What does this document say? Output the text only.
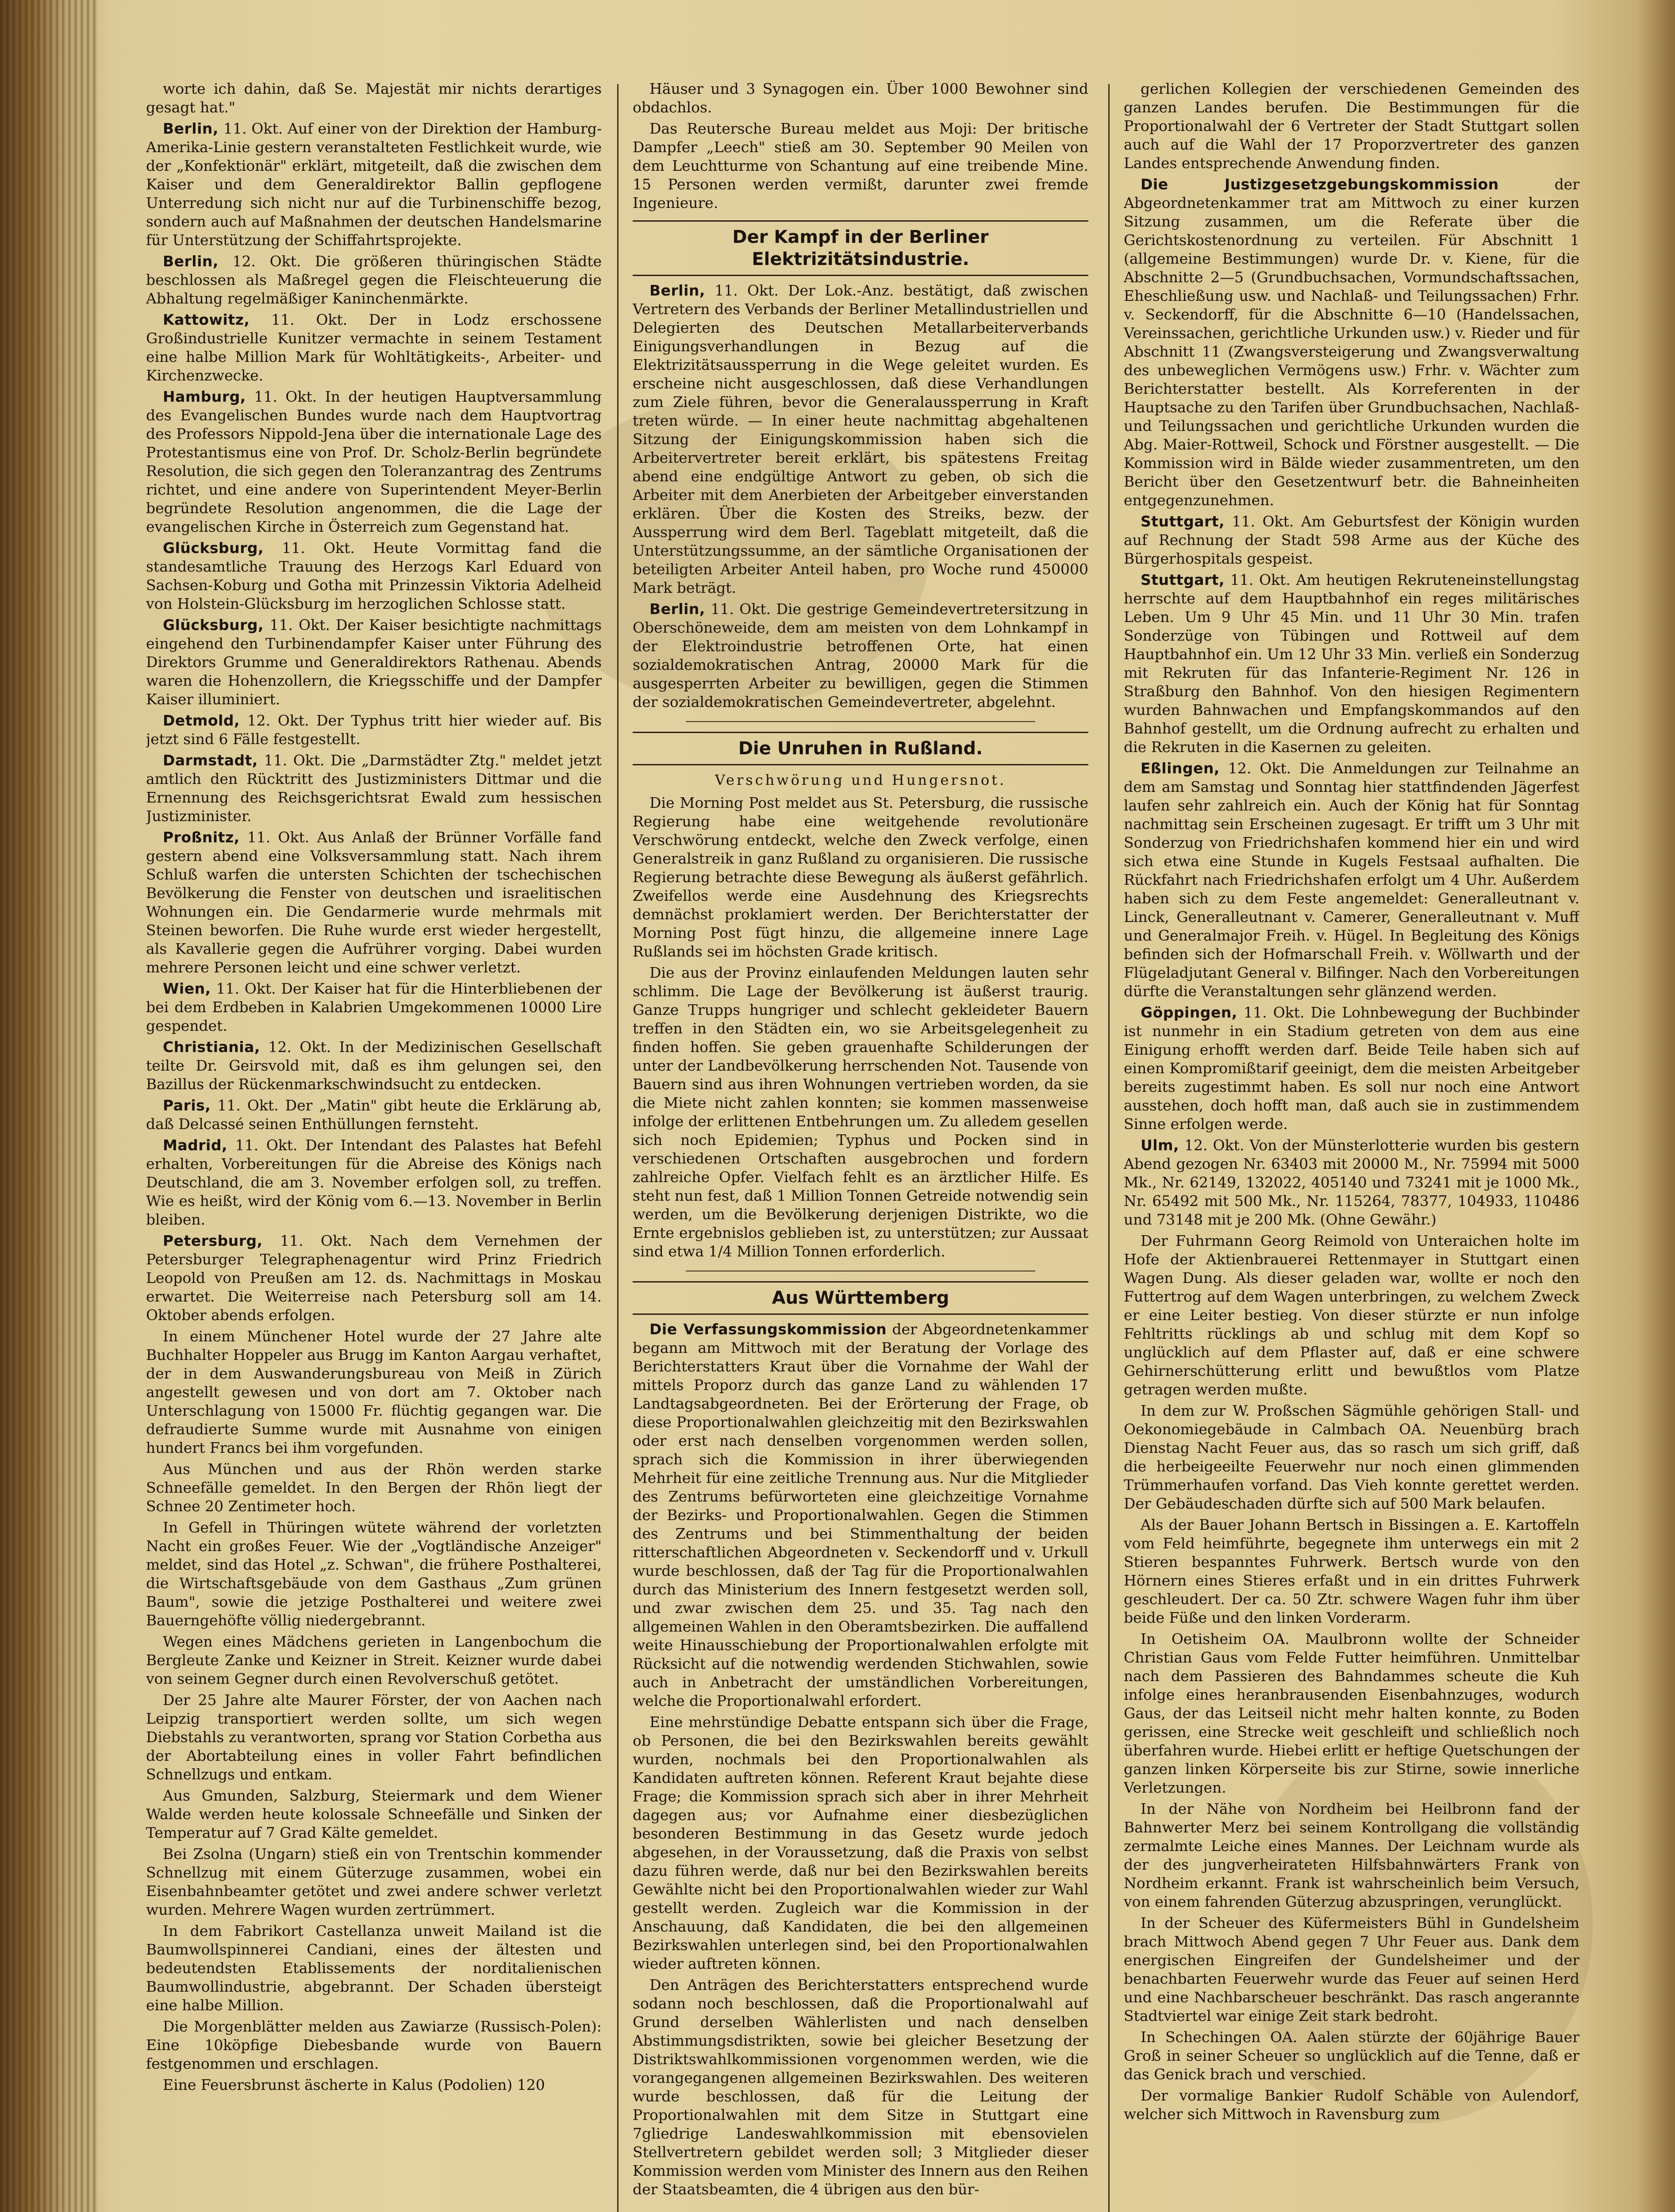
worte ich dahin, daß Se. Majestät mir nichts derartiges gesagt hat."

Berlin, 11. Okt. Auf einer von der Direktion der Hamburg-Amerika-Linie gestern veranstalteten Festlichkeit wurde, wie der „Konfektionär" erklärt, mitgeteilt, daß die zwischen dem Kaiser und dem Generaldirektor Ballin gepflogene Unterredung sich nicht nur auf die Turbinenschiffe bezog, sondern auch auf Maßnahmen der deutschen Handelsmarine für Unterstützung der Schiffahrtsprojekte.

Berlin, 12. Okt. Die größeren thüringischen Städte beschlossen als Maßregel gegen die Fleischteuerung die Abhaltung regelmäßiger Kaninchenmärkte.

Kattowitz, 11. Okt. Der in Lodz erschossene Großindustrielle Kunitzer vermachte in seinem Testament eine halbe Million Mark für Wohltätigkeits-, Arbeiter- und Kirchenzwecke.

Hamburg, 11. Okt. In der heutigen Hauptversammlung des Evangelischen Bundes wurde nach dem Hauptvortrag des Professors Nippold-Jena über die internationale Lage des Protestantismus eine von Prof. Dr. Scholz-Berlin begründete Resolution, die sich gegen den Toleranzantrag des Zentrums richtet, und eine andere von Superintendent Meyer-Berlin begründete Resolution angenommen, die die Lage der evangelischen Kirche in Österreich zum Gegenstand hat.

Glücksburg, 11. Okt. Heute Vormittag fand die standesamtliche Trauung des Herzogs Karl Eduard von Sachsen-Koburg und Gotha mit Prinzessin Viktoria Adelheid von Holstein-Glücksburg im herzoglichen Schlosse statt.

Glücksburg, 11. Okt. Der Kaiser besichtigte nachmittags eingehend den Turbinendampfer Kaiser unter Führung des Direktors Grumme und Generaldirektors Rathenau. Abends waren die Hohenzollern, die Kriegsschiffe und der Dampfer Kaiser illuminiert.

Detmold, 12. Okt. Der Typhus tritt hier wieder auf. Bis jetzt sind 6 Fälle festgestellt.

Darmstadt, 11. Okt. Die „Darmstädter Ztg." meldet jetzt amtlich den Rücktritt des Justizministers Dittmar und die Ernennung des Reichsgerichtsrat Ewald zum hessischen Justizminister.

Proßnitz, 11. Okt. Aus Anlaß der Brünner Vorfälle fand gestern abend eine Volksversammlung statt. Nach ihrem Schluß warfen die untersten Schichten der tschechischen Bevölkerung die Fenster von deutschen und israelitischen Wohnungen ein. Die Gendarmerie wurde mehrmals mit Steinen beworfen. Die Ruhe wurde erst wieder hergestellt, als Kavallerie gegen die Aufrührer vorging. Dabei wurden mehrere Personen leicht und eine schwer verletzt.

Wien, 11. Okt. Der Kaiser hat für die Hinterbliebenen der bei dem Erdbeben in Kalabrien Umgekommenen 10000 Lire gespendet.

Christiania, 12. Okt. In der Medizinischen Gesellschaft teilte Dr. Geirsvold mit, daß es ihm gelungen sei, den Bazillus der Rückenmarkschwindsucht zu entdecken.

Paris, 11. Okt. Der „Matin" gibt heute die Erklärung ab, daß Delcassé seinen Enthüllungen fernsteht.

Madrid, 11. Okt. Der Intendant des Palastes hat Befehl erhalten, Vorbereitungen für die Abreise des Königs nach Deutschland, die am 3. November erfolgen soll, zu treffen. Wie es heißt, wird der König vom 6.—13. November in Berlin bleiben.

Petersburg, 11. Okt. Nach dem Vernehmen der Petersburger Telegraphenagentur wird Prinz Friedrich Leopold von Preußen am 12. ds. Nachmittags in Moskau erwartet. Die Weiterreise nach Petersburg soll am 14. Oktober abends erfolgen.

In einem Münchener Hotel wurde der 27 Jahre alte Buchhalter Hoppeler aus Brugg im Kanton Aargau verhaftet, der in dem Auswanderungsbureau von Meiß in Zürich angestellt gewesen und von dort am 7. Oktober nach Unterschlagung von 15000 Fr. flüchtig gegangen war. Die defraudierte Summe wurde mit Ausnahme von einigen hundert Francs bei ihm vorgefunden.

Aus München und aus der Rhön werden starke Schneefälle gemeldet. In den Bergen der Rhön liegt der Schnee 20 Zentimeter hoch.

In Gefell in Thüringen wütete während der vorletzten Nacht ein großes Feuer. Wie der „Vogtländische Anzeiger" meldet, sind das Hotel „z. Schwan", die frühere Posthalterei, die Wirtschaftsgebäude von dem Gasthaus „Zum grünen Baum", sowie die jetzige Posthalterei und weitere zwei Bauerngehöfte völlig niedergebrannt.

Wegen eines Mädchens gerieten in Langenbochum die Bergleute Zanke und Keizner in Streit. Keizner wurde dabei von seinem Gegner durch einen Revolverschuß getötet.

Der 25 Jahre alte Maurer Förster, der von Aachen nach Leipzig transportiert werden sollte, um sich wegen Diebstahls zu verantworten, sprang vor Station Corbetha aus der Abortabteilung eines in voller Fahrt befindlichen Schnellzugs und entkam.

Aus Gmunden, Salzburg, Steiermark und dem Wiener Walde werden heute kolossale Schneefälle und Sinken der Temperatur auf 7 Grad Kälte gemeldet.

Bei Zsolna (Ungarn) stieß ein von Trentschin kommender Schnellzug mit einem Güterzuge zusammen, wobei ein Eisenbahnbeamter getötet und zwei andere schwer verletzt wurden. Mehrere Wagen wurden zertrümmert.

In dem Fabrikort Castellanza unweit Mailand ist die Baumwollspinnerei Candiani, eines der ältesten und bedeutendsten Etablissements der norditalienischen Baumwollindustrie, abgebrannt. Der Schaden übersteigt eine halbe Million.

Die Morgenblätter melden aus Zawiarze (Russisch-Polen): Eine 10köpfige Diebesbande wurde von Bauern festgenommen und erschlagen.

Eine Feuersbrunst äscherte in Kalus (Podolien) 120

Häuser und 3 Synagogen ein. Über 1000 Bewohner sind obdachlos.

Das Reutersche Bureau meldet aus Moji: Der britische Dampfer „Leech" stieß am 30. September 90 Meilen von dem Leuchtturme von Schantung auf eine treibende Mine. 15 Personen werden vermißt, darunter zwei fremde Ingenieure.

Der Kampf in der Berliner Elektrizitätsindustrie.

Berlin, 11. Okt. Der Lok.-Anz. bestätigt, daß zwischen Vertretern des Verbands der Berliner Metallindustriellen und Delegierten des Deutschen Metallarbeiterverbands Einigungsverhandlungen in Bezug auf die Elektrizitätsaussperrung in die Wege geleitet wurden. Es erscheine nicht ausgeschlossen, daß diese Verhandlungen zum Ziele führen, bevor die Generalaussperrung in Kraft treten würde. — In einer heute nachmittag abgehaltenen Sitzung der Einigungskommission haben sich die Arbeitervertreter bereit erklärt, bis spätestens Freitag abend eine endgültige Antwort zu geben, ob sich die Arbeiter mit dem Anerbieten der Arbeitgeber einverstanden erklären. Über die Kosten des Streiks, bezw. der Aussperrung wird dem Berl. Tageblatt mitgeteilt, daß die Unterstützungssumme, an der sämtliche Organisationen der beteiligten Arbeiter Anteil haben, pro Woche rund 450000 Mark beträgt.

Berlin, 11. Okt. Die gestrige Gemeindevertretersitzung in Oberschöneweide, dem am meisten von dem Lohnkampf in der Elektroindustrie betroffenen Orte, hat einen sozialdemokratischen Antrag, 20000 Mark für die ausgesperrten Arbeiter zu bewilligen, gegen die Stimmen der sozialdemokratischen Gemeindevertreter, abgelehnt.

Die Unruhen in Rußland.
Verschwörung und Hungersnot.

Die Morning Post meldet aus St. Petersburg, die russische Regierung habe eine weitgehende revolutionäre Verschwörung entdeckt, welche den Zweck verfolge, einen Generalstreik in ganz Rußland zu organisieren. Die russische Regierung betrachte diese Bewegung als äußerst gefährlich. Zweifellos werde eine Ausdehnung des Kriegsrechts demnächst proklamiert werden. Der Berichterstatter der Morning Post fügt hinzu, die allgemeine innere Lage Rußlands sei im höchsten Grade kritisch.

Die aus der Provinz einlaufenden Meldungen lauten sehr schlimm. Die Lage der Bevölkerung ist äußerst traurig. Ganze Trupps hungriger und schlecht gekleideter Bauern treffen in den Städten ein, wo sie Arbeitsgelegenheit zu finden hoffen. Sie geben grauenhafte Schilderungen der unter der Landbevölkerung herrschenden Not. Tausende von Bauern sind aus ihren Wohnungen vertrieben worden, da sie die Miete nicht zahlen konnten; sie kommen massenweise infolge der erlittenen Entbehrungen um. Zu alledem gesellen sich noch Epidemien; Typhus und Pocken sind in verschiedenen Ortschaften ausgebrochen und fordern zahlreiche Opfer. Vielfach fehlt es an ärztlicher Hilfe. Es steht nun fest, daß 1 Million Tonnen Getreide notwendig sein werden, um die Bevölkerung derjenigen Distrikte, wo die Ernte ergebnislos geblieben ist, zu unterstützen; zur Aussaat sind etwa 1/4 Million Tonnen erforderlich.

Aus Württemberg

Die Verfassungskommission der Abgeordnetenkammer begann am Mittwoch mit der Beratung der Vorlage des Berichterstatters Kraut über die Vornahme der Wahl der mittels Proporz durch das ganze Land zu wählenden 17 Landtagsabgeordneten. Bei der Erörterung der Frage, ob diese Proportionalwahlen gleichzeitig mit den Bezirkswahlen oder erst nach denselben vorgenommen werden sollen, sprach sich die Kommission in ihrer überwiegenden Mehrheit für eine zeitliche Trennung aus. Nur die Mitglieder des Zentrums befürworteten eine gleichzeitige Vornahme der Bezirks- und Proportionalwahlen. Gegen die Stimmen des Zentrums und bei Stimmenthaltung der beiden ritterschaftlichen Abgeordneten v. Seckendorff und v. Urkull wurde beschlossen, daß der Tag für die Proportionalwahlen durch das Ministerium des Innern festgesetzt werden soll, und zwar zwischen dem 25. und 35. Tag nach den allgemeinen Wahlen in den Oberamtsbezirken. Die auffallend weite Hinausschiebung der Proportionalwahlen erfolgte mit Rücksicht auf die notwendig werdenden Stichwahlen, sowie auch in Anbetracht der umständlichen Vorbereitungen, welche die Proportionalwahl erfordert.

Eine mehrstündige Debatte entspann sich über die Frage, ob Personen, die bei den Bezirkswahlen bereits gewählt wurden, nochmals bei den Proportionalwahlen als Kandidaten auftreten können. Referent Kraut bejahte diese Frage; die Kommission sprach sich aber in ihrer Mehrheit dagegen aus; vor Aufnahme einer diesbezüglichen besonderen Bestimmung in das Gesetz wurde jedoch abgesehen, in der Voraussetzung, daß die Praxis von selbst dazu führen werde, daß nur bei den Bezirkswahlen bereits Gewählte nicht bei den Proportionalwahlen wieder zur Wahl gestellt werden. Zugleich war die Kommission in der Anschauung, daß Kandidaten, die bei den allgemeinen Bezirkswahlen unterlegen sind, bei den Proportionalwahlen wieder auftreten können.

Den Anträgen des Berichterstatters entsprechend wurde sodann noch beschlossen, daß die Proportionalwahl auf Grund derselben Wählerlisten und nach denselben Abstimmungsdistrikten, sowie bei gleicher Besetzung der Distriktswahlkommissionen vorgenommen werden, wie die vorangegangenen allgemeinen Bezirkswahlen. Des weiteren wurde beschlossen, daß für die Leitung der Proportionalwahlen mit dem Sitze in Stuttgart eine 7gliedrige Landeswahlkommission mit ebensovielen Stellvertretern gebildet werden soll; 3 Mitglieder dieser Kommission werden vom Minister des Innern aus den Reihen der Staatsbeamten, die 4 übrigen aus den bür-

gerlichen Kollegien der verschiedenen Gemeinden des ganzen Landes berufen. Die Bestimmungen für die Proportionalwahl der 6 Vertreter der Stadt Stuttgart sollen auch auf die Wahl der 17 Proporzvertreter des ganzen Landes entsprechende Anwendung finden.

Die Justizgesetzgebungskommission	der Abgeordnetenkammer trat am Mittwoch zu einer kurzen Sitzung zusammen, um die Referate über die Gerichtskostenordnung zu verteilen. Für Abschnitt 1 (allgemeine Bestimmungen) wurde Dr. v. Kiene, für die Abschnitte 2—5 (Grundbuchsachen, Vormundschaftssachen, Eheschließung usw. und Nachlaß- und Teilungssachen) Frhr. v. Seckendorff, für die Abschnitte 6—10 (Handelssachen, Vereinssachen, gerichtliche Urkunden usw.) v. Rieder und für Abschnitt 11 (Zwangsversteigerung und Zwangsverwaltung des unbeweglichen Vermögens usw.) Frhr. v. Wächter zum Berichterstatter bestellt. Als Korreferenten in der Hauptsache zu den Tarifen über Grundbuchsachen, Nachlaß- und Teilungssachen und gerichtliche Urkunden wurden die Abg. Maier-Rottweil, Schock und Förstner ausgestellt. — Die Kommission wird in Bälde wieder zusammentreten, um den Bericht über den Gesetzentwurf betr. die Bahneinheiten entgegenzunehmen.

Stuttgart, 11. Okt. Am Geburtsfest der Königin wurden auf Rechnung der Stadt 598 Arme aus der Küche des Bürgerhospitals gespeist.

Stuttgart, 11. Okt. Am heutigen Rekruteneinstellungstag herrschte auf dem Hauptbahnhof ein reges militärisches Leben. Um 9 Uhr 45 Min. und 11 Uhr 30 Min. trafen Sonderzüge von Tübingen und Rottweil auf dem Hauptbahnhof ein. Um 12 Uhr 33 Min. verließ ein Sonderzug mit Rekruten für das Infanterie-Regiment Nr. 126 in Straßburg den Bahnhof. Von den hiesigen Regimentern wurden Bahnwachen und Empfangskommandos auf den Bahnhof gestellt, um die Ordnung aufrecht zu erhalten und die Rekruten in die Kasernen zu geleiten.

Eßlingen, 12. Okt. Die Anmeldungen zur Teilnahme an dem am Samstag und Sonntag hier stattfindenden Jägerfest laufen sehr zahlreich ein. Auch der König hat für Sonntag nachmittag sein Erscheinen zugesagt. Er trifft um 3 Uhr mit Sonderzug von Friedrichshafen kommend hier ein und wird sich etwa eine Stunde in Kugels Festsaal aufhalten. Die Rückfahrt nach Friedrichshafen erfolgt um 4 Uhr. Außerdem haben sich zu dem Feste angemeldet: Generalleutnant v. Linck, Generalleutnant v. Camerer, Generalleutnant v. Muff und Generalmajor Freih. v. Hügel. In Begleitung des Königs befinden sich der Hofmarschall Freih. v. Wöllwarth und der Flügeladjutant General v. Bilfinger. Nach den Vorbereitungen dürfte die Veranstaltungen sehr glänzend werden.

Göppingen, 11. Okt. Die Lohnbewegung der Buchbinder ist nunmehr in ein Stadium getreten von dem aus eine Einigung erhofft werden darf. Beide Teile haben sich auf einen Kompromißtarif geeinigt, dem die meisten Arbeitgeber bereits zugestimmt haben. Es soll nur noch eine Antwort ausstehen, doch hofft man, daß auch sie in zustimmendem Sinne erfolgen werde.

Ulm, 12. Okt. Von der Münsterlotterie wurden bis gestern Abend gezogen Nr. 63403 mit 20000 M., Nr. 75994 mit 5000 Mk., Nr. 62149, 132022, 405140 und 73241 mit je 1000 Mk., Nr. 65492 mit 500 Mk., Nr. 115264, 78377, 104933, 110486 und 73148 mit je 200 Mk. (Ohne Gewähr.)

Der Fuhrmann Georg Reimold von Unteraichen holte im Hofe der Aktienbrauerei Rettenmayer in Stuttgart einen Wagen Dung. Als dieser geladen war, wollte er noch den Futtertrog auf dem Wagen unterbringen, zu welchem Zweck er eine Leiter bestieg. Von dieser stürzte er nun infolge Fehltritts rücklings ab und schlug mit dem Kopf so unglücklich auf dem Pflaster auf, daß er eine schwere Gehirnerschütterung erlitt und bewußtlos vom Platze getragen werden mußte.

In dem zur W. Proßschen Sägmühle gehörigen Stall- und Oekonomiegebäude in Calmbach OA. Neuenbürg brach Dienstag Nacht Feuer aus, das so rasch um sich griff, daß die herbeigeeilte Feuerwehr nur noch einen glimmenden Trümmerhaufen vorfand. Das Vieh konnte gerettet werden. Der Gebäudeschaden dürfte sich auf 500 Mark belaufen.

Als der Bauer Johann Bertsch in Bissingen a. E. Kartoffeln vom Feld heimführte, begegnete ihm unterwegs ein mit 2 Stieren bespanntes Fuhrwerk. Bertsch wurde von den Hörnern eines Stieres erfaßt und in ein drittes Fuhrwerk geschleudert. Der ca. 50 Ztr. schwere Wagen fuhr ihm über beide Füße und den linken Vorderarm.

In Oetisheim OA. Maulbronn wollte der Schneider Christian Gaus vom Felde Futter heimführen. Unmittelbar nach dem Passieren des Bahndammes scheute die Kuh infolge eines heranbrausenden Eisenbahnzuges, wodurch Gaus, der das Leitseil nicht mehr halten konnte, zu Boden gerissen, eine Strecke weit geschleift und schließlich noch überfahren wurde. Hiebei erlitt er heftige Quetschungen der ganzen linken Körperseite bis zur Stirne, sowie innerliche Verletzungen.

In der Nähe von Nordheim bei Heilbronn fand der Bahnwerter Merz bei seinem Kontrollgang die vollständig zermalmte Leiche eines Mannes. Der Leichnam wurde als der des jungverheirateten Hilfsbahnwärters Frank von Nordheim erkannt. Frank ist wahrscheinlich beim Versuch, von einem fahrenden Güterzug abzuspringen, verunglückt.

In der Scheuer des Küfermeisters Bühl in Gundelsheim brach Mittwoch Abend gegen 7 Uhr Feuer aus. Dank dem energischen Eingreifen der Gundelsheimer und der benachbarten Feuerwehr wurde das Feuer auf seinen Herd und eine Nachbarscheuer beschränkt. Das rasch angerannte Stadtviertel war einige Zeit stark bedroht.

In Schechingen OA. Aalen stürzte der 60jährige Bauer Groß in seiner Scheuer so unglücklich auf die Tenne, daß er das Genick brach und verschied.

Der vormalige Bankier Rudolf Schäble von Aulendorf, welcher sich Mittwoch in Ravensburg zum
